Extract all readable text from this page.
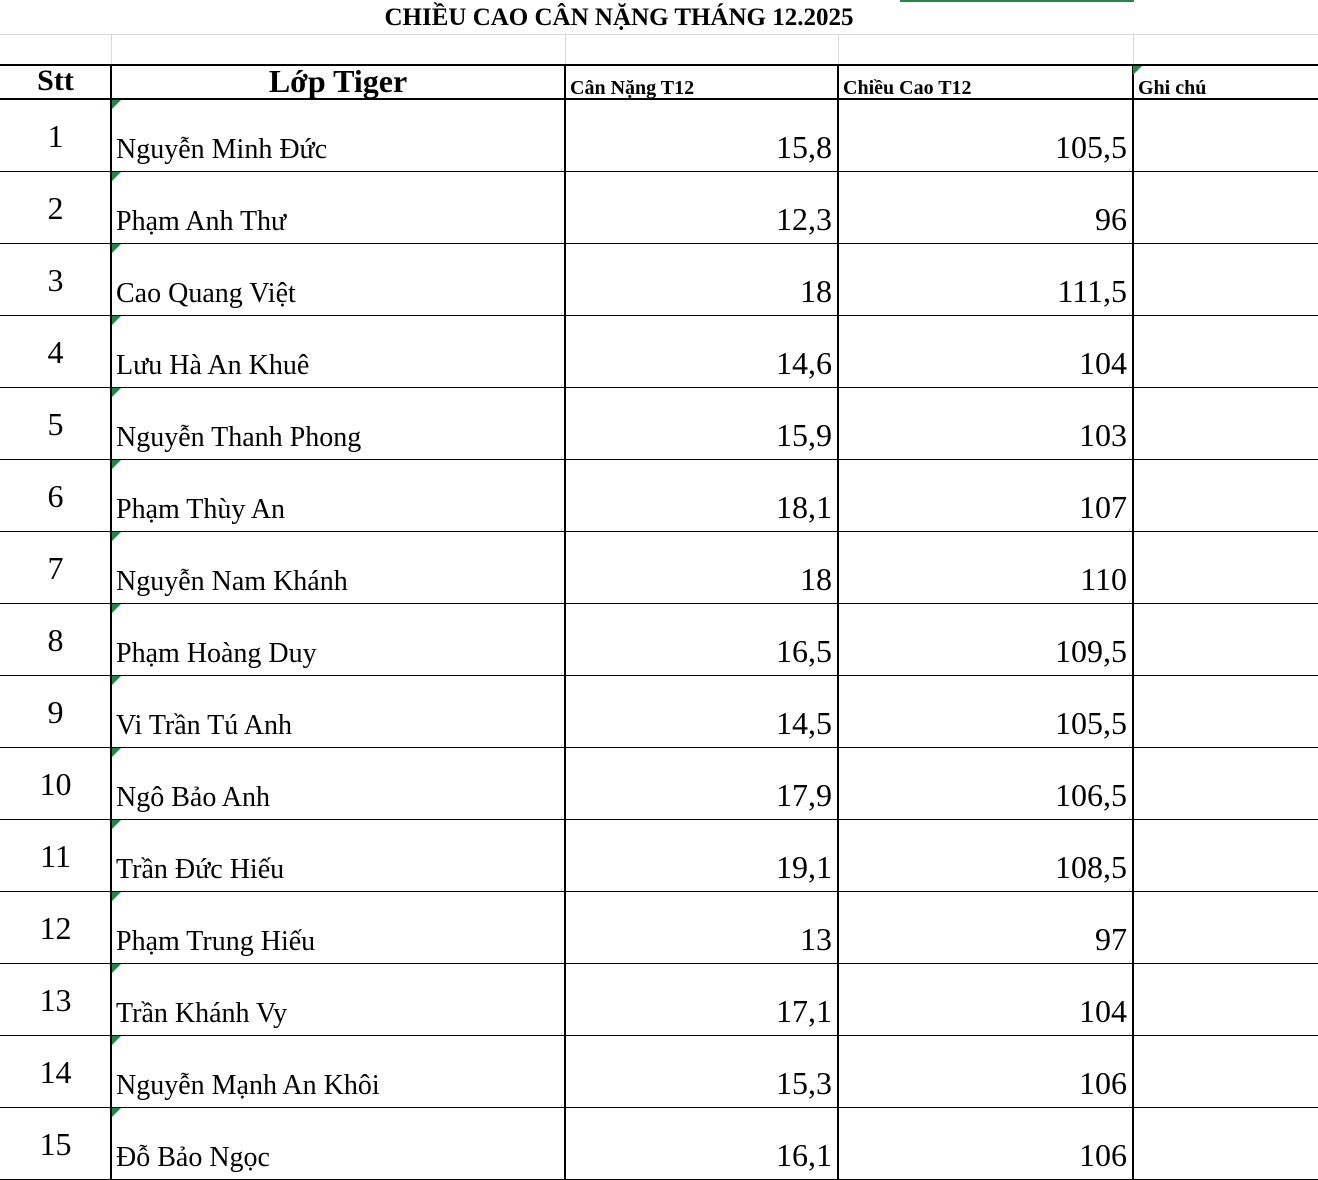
CHIỀU CAO CÂN NẶNG THÁNG 12.2025
Stt	Lớp Tiger	Cân Nặng T12	Chiều Cao T12	Ghi chú
1	Nguyễn Minh Đức	15,8	105,5
2	Phạm Anh Thư	12,3	96
3	Cao Quang Việt	18	111,5
4	Lưu Hà An Khuê	14,6	104
5	Nguyễn Thanh Phong	15,9	103
6	Phạm Thùy An	18,1	107
7	Nguyễn Nam Khánh	18	110
8	Phạm Hoàng Duy	16,5	109,5
9	Vi Trần Tú Anh	14,5	105,5
10	Ngô Bảo Anh	17,9	106,5
11	Trần Đức Hiếu	19,1	108,5
12	Phạm Trung Hiếu	13	97
13	Trần Khánh Vy	17,1	104
14	Nguyễn Mạnh An Khôi	15,3	106
15	Đỗ Bảo Ngọc	16,1	106
